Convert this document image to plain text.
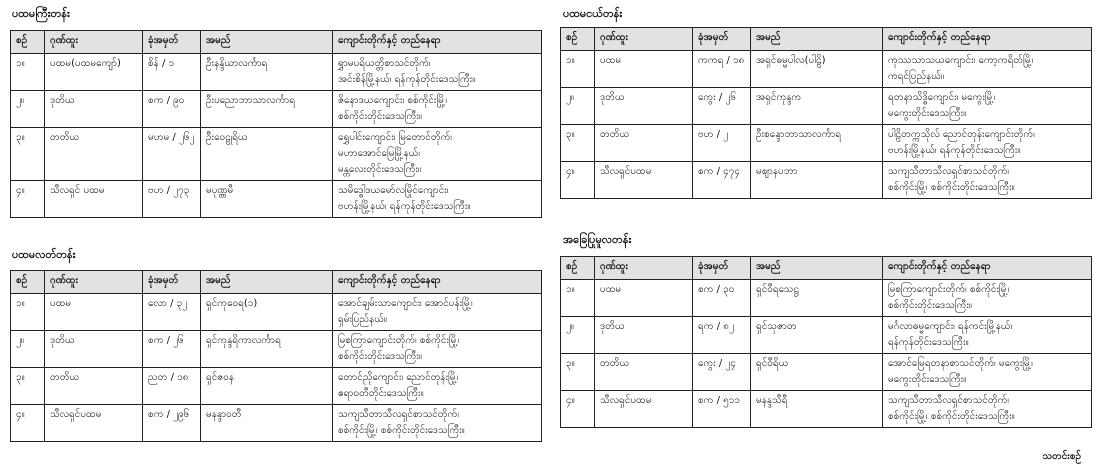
ပထမကြီးတန်း
စဉ်	ဂုဏ်ထူး	ခုံအမှတ်	အမည်	ကျောင်းတိုက်နှင့် တည်နေရာ
၁။	ပထမ(ပထမကျော်)	စိန် / ၁	ဦးနန္ဒိယာလင်္ကာရ	ရွှာမပရိယတ္တိစာသင်တိုက်၊
အင်းစိန်မြို့နယ်၊ ရန်ကုန်တိုင်းဒေသကြီး။

၂။	ဒုတိယ	စက / ၉၀	ဦးပညောဘာသာလင်္ကာရ	ဇိနောဒယကျောင်း၊ စစ်ကိုင်းမြို့၊
စစ်ကိုင်းတိုင်းဒေသကြီး။

၃။	တတိယ	မဟမ / ၂၆၂	ဦးဝေဠုရိယ	ရွှေပါင်းကျောင်း၊ မြတောင်တိုက်၊
မဟာအောင်မြေမြို့နယ်၊
မန္တလေးတိုင်းဒေသကြီး။

၄။	သီလရှင် ပထမ	ဗဟ / ၂၇၃	မပုဏ္ဏမီ	သမိဒ္ဓေါဒယမော်လမြိုင်ကျောင်း၊
ဗဟန်းမြို့နယ်၊ ရန်ကုန်တိုင်းဒေသကြီး။
ပထမလတ်တန်း
စဉ်	ဂုဏ်ထူး	ခုံအမှတ်	အမည်	ကျောင်းတိုက်နှင့် တည်နေရာ
၁။	ပထမ	လော / ၃၂	ရှင်ကုဝေရ(၁)	အောင်ချမ်းသာကျောင်း၊ အောင်ပန်းမြို့၊
ရှမ်းပြည်နယ်။

၂။	ဒုတိယ	စက / ၂၆	ရှင်ကုန္ဒရိကာလင်္ကာရ	မြစကြာကျောင်းတိုက်၊ စစ်ကိုင်းမြို့၊
စစ်ကိုင်းတိုင်းဒေသကြီး။

၃။	တတိယ	ညတ / ၁၈	ရှင်ဇဝန	တောင်ညိုကျောင်း၊ ညောင်တုန်းမြို့၊
ဧရာဝတီတိုင်းဒေသကြီး။

၄။	သီလရှင်ပထမ	စက / ၂၉၆	မနန္ဒာဝတီ	သကျသီတာသီလရှင်စာသင်တိုက်၊
စစ်ကိုင်းမြို့၊ စစ်ကိုင်းတိုင်းဒေသကြီး။
ပထမငယ်တန်း
စဉ်	ဂုဏ်ထူး	ခုံအမှတ်	အမည်	ကျောင်းတိုက်နှင့် တည်နေရာ
၁။	ပထမ	ကကရ / ၁၈	အရှင်ဓမ္မပါလ(ပါဠိ)	ကုဿသာသယကျောင်း၊ ကော့ကရိတ်မြို့၊
ကရင်ပြည်နယ်။

၂။	ဒုတိယ	ကွေး / ၂၆	အရှင်ကုန္ဒက	ရတနာသိဒ္ဓိကျောင်း၊ မကွေးမြို့၊
မကွေးတိုင်းဒေသကြီး။

၃။	တတိယ	ဗဟ / ၂	ဦးစန္ဒောဘာသာလင်္ကာရ	ပါဠိတက္ကသိုလ် ညောင်တုန်းကျောင်းတိုက်၊
ဗဟန်းမြို့နယ်၊ ရန်ကုန်တိုင်းဒေသကြီး။

၄။	သီလရှင်ပထမ	စက / ၄၇၄	မဈာနပဘာ	သကျသီတာသီလရှင်စာသင်တိုက်၊
စစ်ကိုင်းမြို့၊ စစ်ကိုင်းတိုင်းဒေသကြီး။
အခြေပြုမူလတန်း
စဉ်	ဂုဏ်ထူး	ခုံအမှတ်	အမည်	ကျောင်းတိုက်နှင့် တည်နေရာ
၁။	ပထမ	စက / ၃၀	ရှင်ဝီရသေဋ္ဌ	မြစကြာကျောင်းတိုက်၊ စစ်ကိုင်းမြို့၊
စစ်ကိုင်းတိုင်းဒေသကြီး။

၂။	ဒုတိယ	ရက / ၈၂	ရှင်သုဇာတ	မင်္ဂလာဓမ္မကျောင်း၊ ရန်ကင်းမြို့နယ်၊
ရန်ကုန်တိုင်းဒေသကြီး။

၃။	တတိယ	ကွေး / ၂၄	ရှင်ဝီရိယ	အောင်မြေရတနာစာသင်တိုက်၊ မကွေးမြို့၊
မကွေးတိုင်းဒေသကြီး။

၄။	သီလရှင်ပထမ	စက / ၅၁၁	မနန္ဒသီရီ	သကျသီတာသီလရှင်စာသင်တိုက်၊
စစ်ကိုင်းမြို့၊ စစ်ကိုင်းတိုင်းဒေသကြီး။
သတင်းစဉ်
